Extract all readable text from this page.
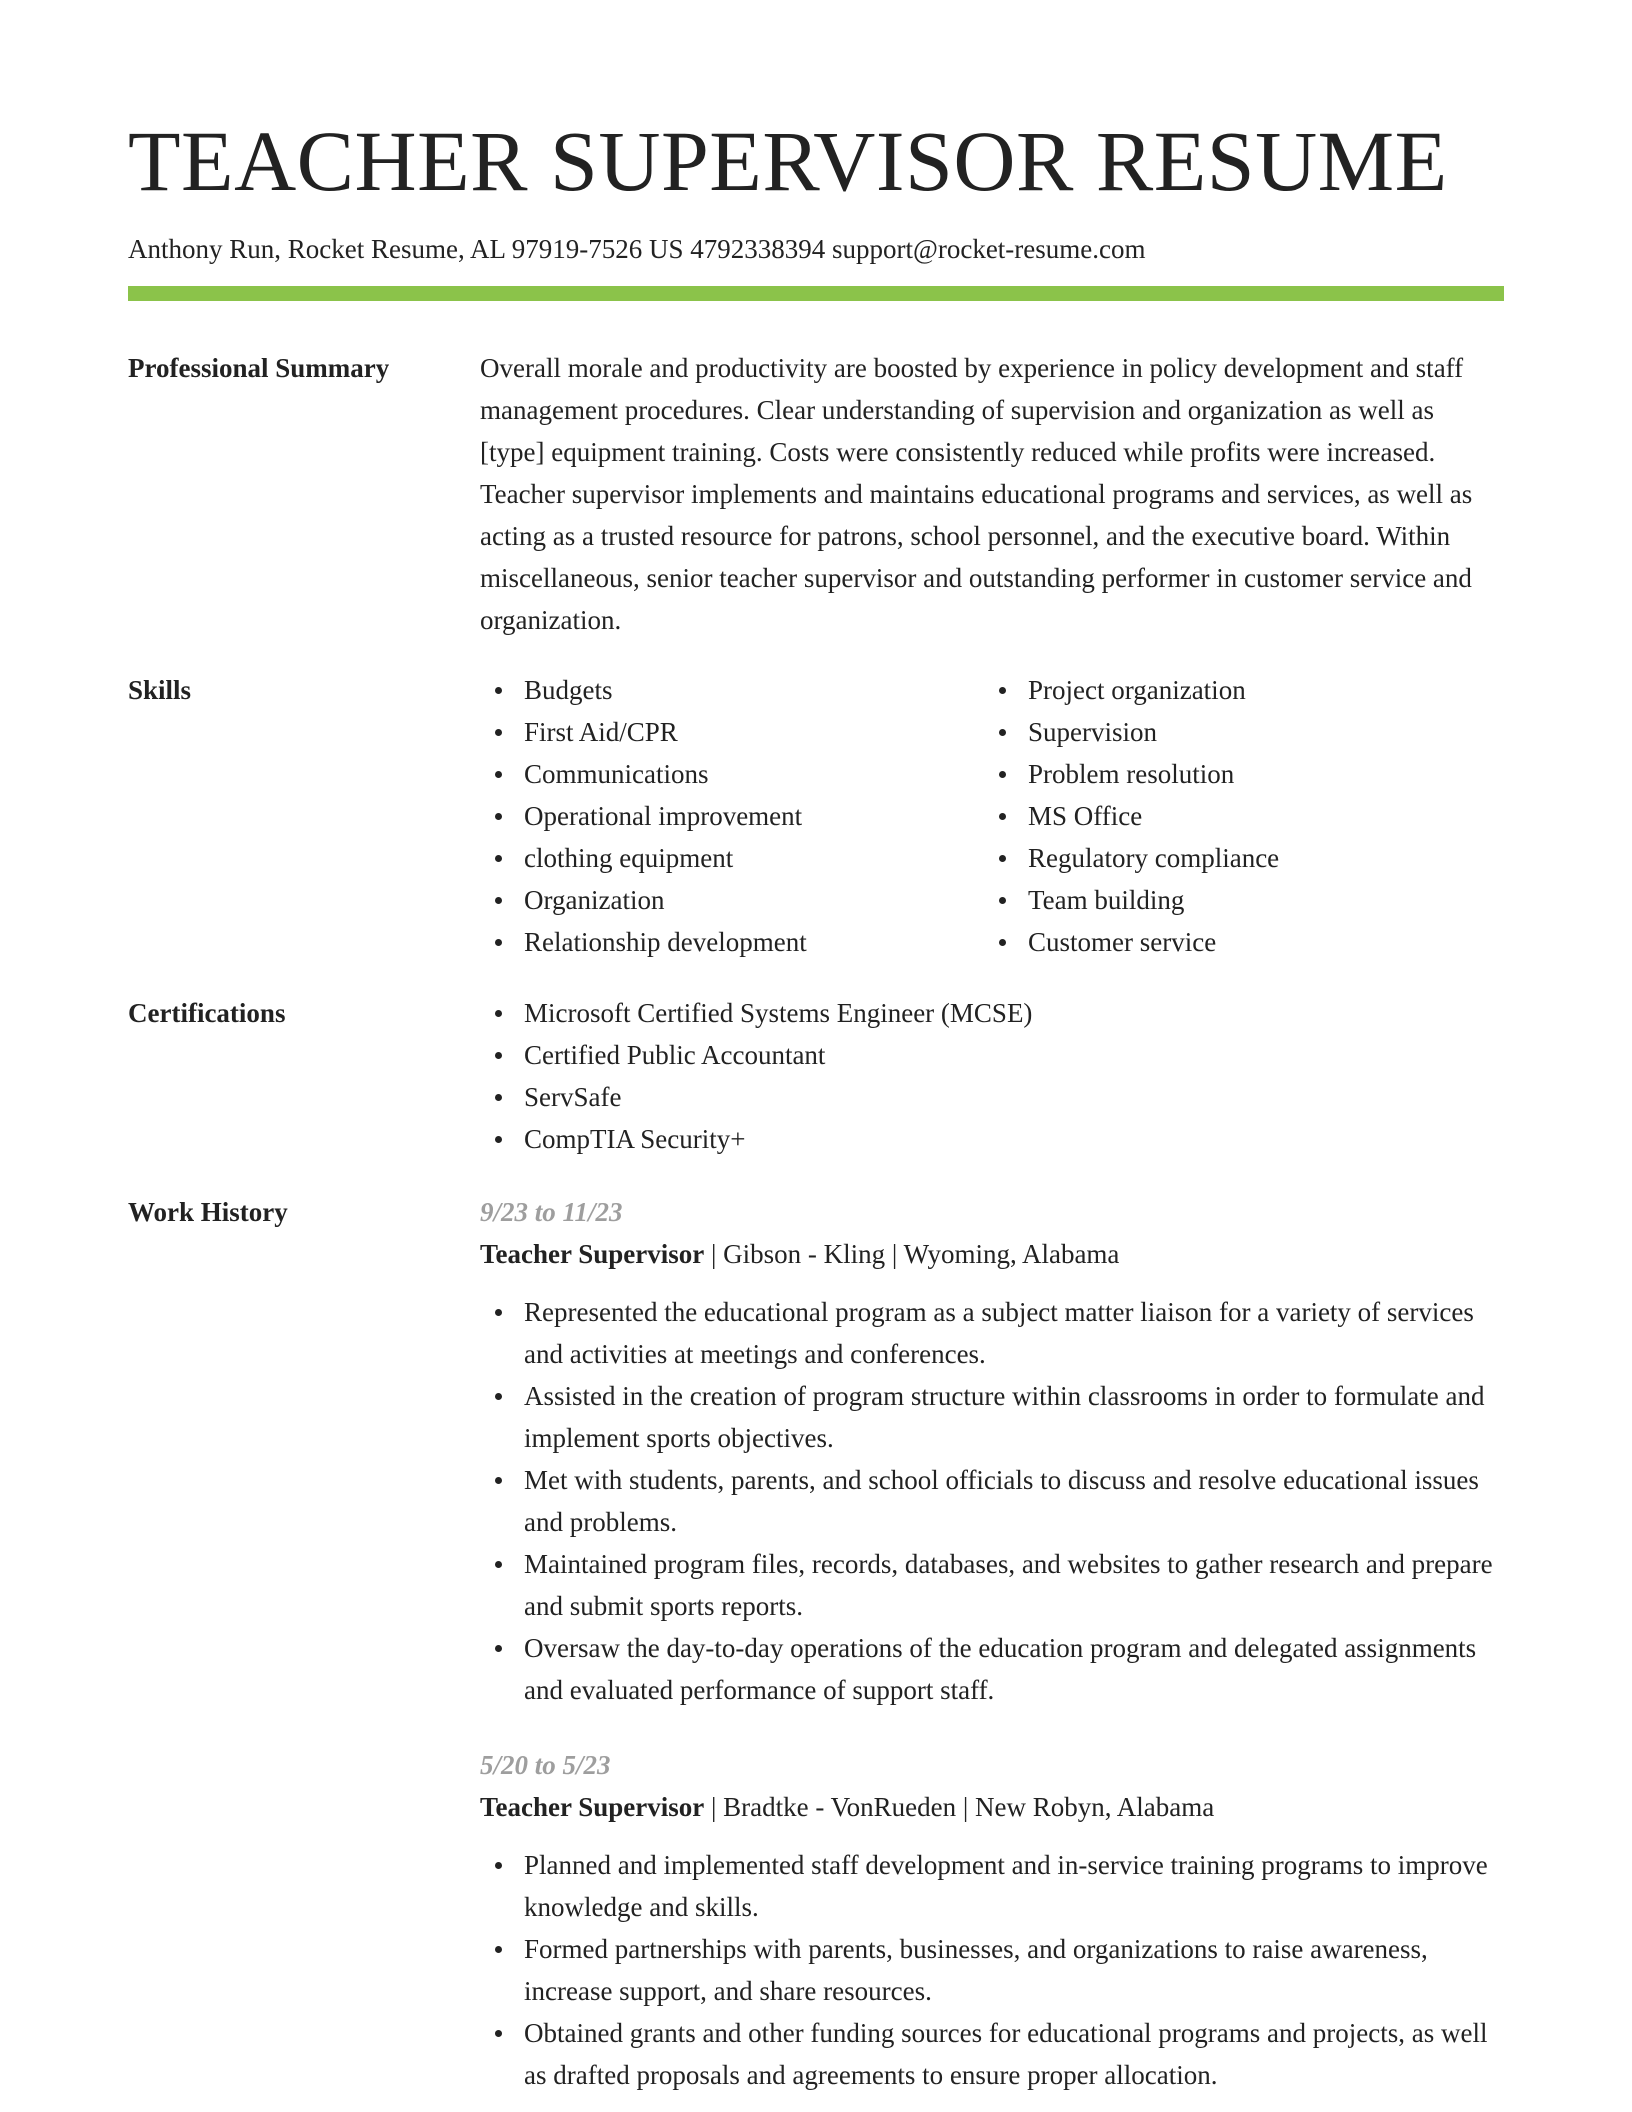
TEACHER SUPERVISOR RESUME
Anthony Run, Rocket Resume, AL 97919-7526 US 4792338394 support@rocket-resume.com
Professional Summary	Overall morale and productivity are boosted by experience in policy development and staff management procedures. Clear understanding of supervision and organization as well as [type] equipment training. Costs were consistently reduced while profits were increased. Teacher supervisor implements and maintains educational programs and services, as well as acting as a trusted resource for patrons, school personnel, and the executive board. Within miscellaneous, senior teacher supervisor and outstanding performer in customer service and organization.

Skills	Budgets
First Aid/CPR
Communications
Operational improvement
clothing equipment
Organization
Relationship development
Project organization
Supervision
Problem resolution
MS Office
Regulatory compliance
Team building
Customer service
Certifications	Microsoft Certified Systems Engineer (MCSE)
Certified Public Accountant
ServSafe
CompTIA Security+
Work History	9/23 to 11/23
Teacher Supervisor | Gibson - Kling | Wyoming, Alabama
Represented the educational program as a subject matter liaison for a variety of services and activities at meetings and conferences.
Assisted in the creation of program structure within classrooms in order to formulate and implement sports objectives.
Met with students, parents, and school officials to discuss and resolve educational issues and problems.
Maintained program files, records, databases, and websites to gather research and prepare and submit sports reports.
Oversaw the day-to-day operations of the education program and delegated assignments and evaluated performance of support staff.
5/20 to 5/23
Teacher Supervisor | Bradtke - VonRueden | New Robyn, Alabama
Planned and implemented staff development and in-service training programs to improve knowledge and skills.
Formed partnerships with parents, businesses, and organizations to raise awareness, increase support, and share resources.
Obtained grants and other funding sources for educational programs and projects, as well as drafted proposals and agreements to ensure proper allocation.
